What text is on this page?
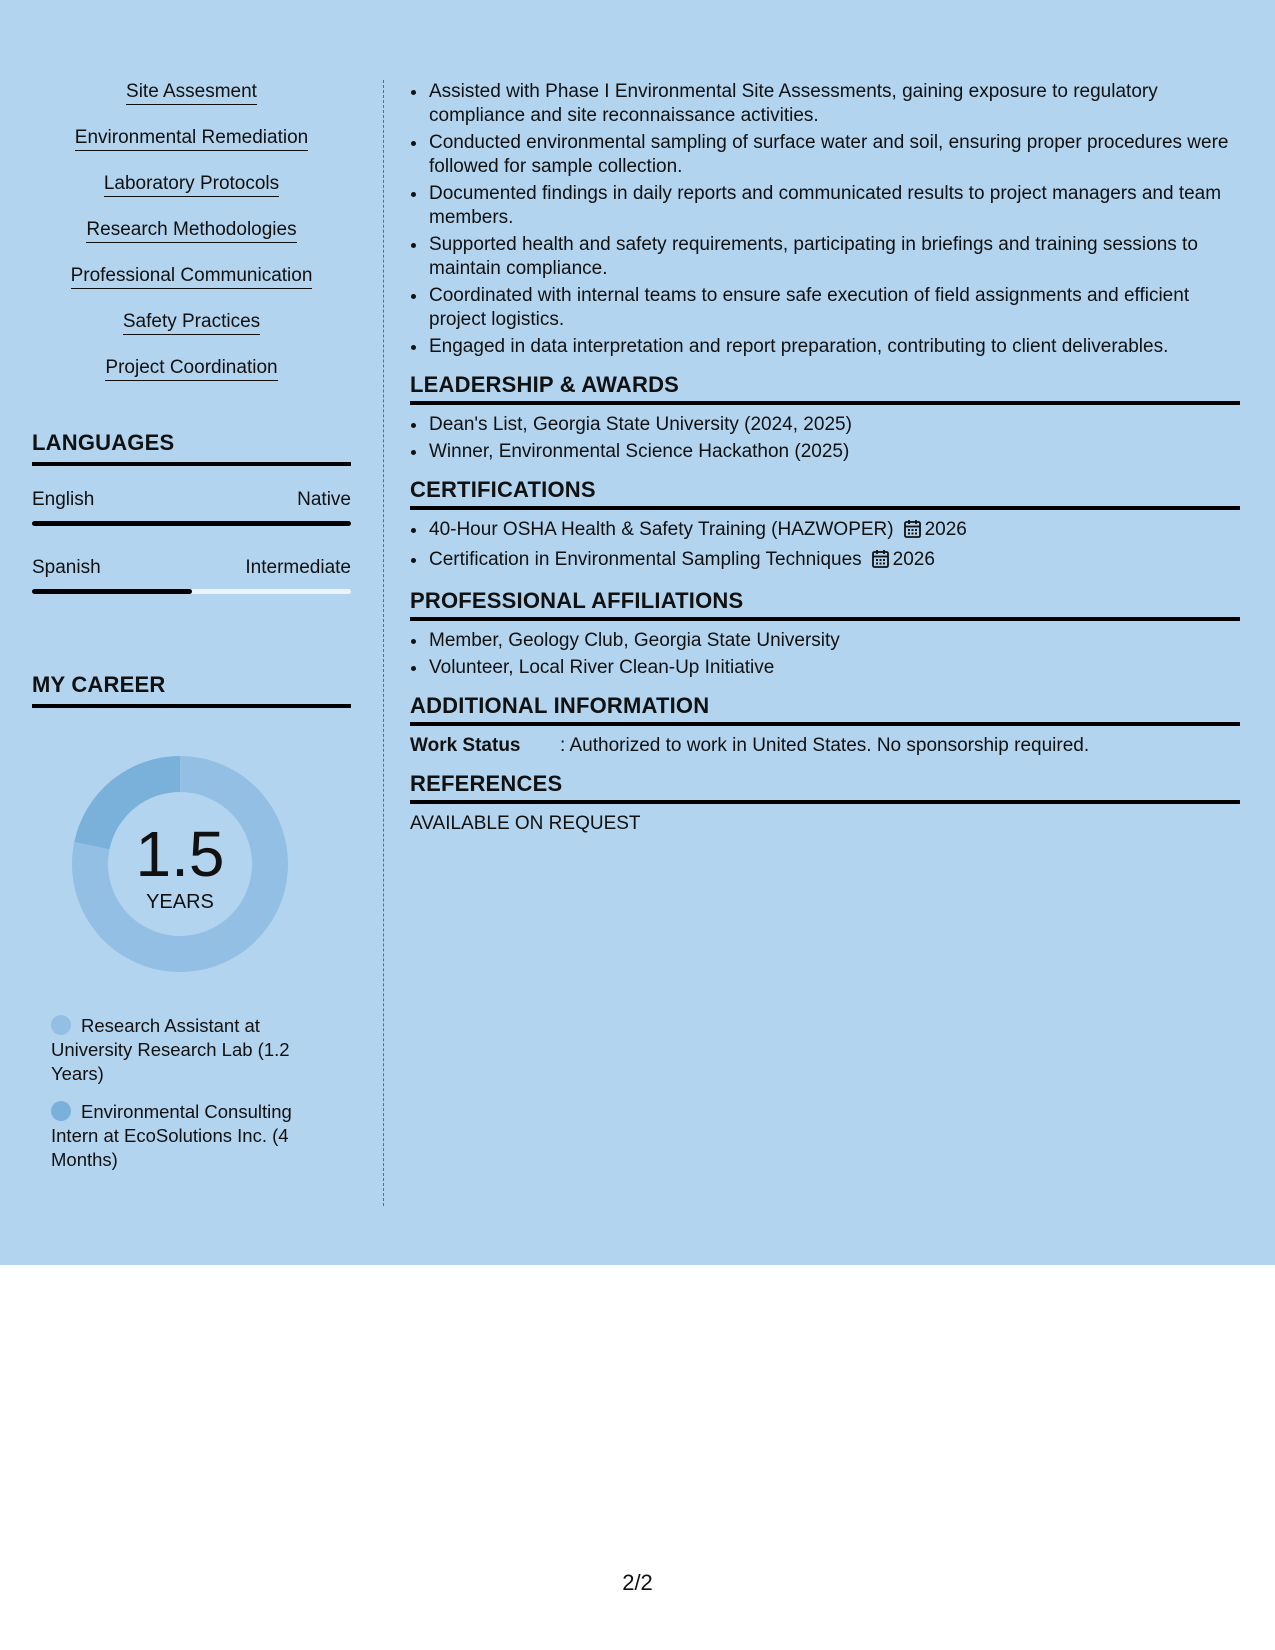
Site Assesment
Environmental Remediation
Laboratory Protocols
Research Methodologies
Professional Communication
Safety Practices
Project Coordination
LANGUAGES
English	Native
Spanish	Intermediate
MY CAREER
1.5
YEARS
Research Assistant at University Research Lab (1.2 Years)
Environmental Consulting Intern at EcoSolutions Inc. (4 Months)
• Assisted with Phase I Environmental Site Assessments, gaining exposure to regulatory compliance and site reconnaissance activities.
• Conducted environmental sampling of surface water and soil, ensuring proper procedures were followed for sample collection.
• Documented findings in daily reports and communicated results to project managers and team members.
• Supported health and safety requirements, participating in briefings and training sessions to maintain compliance.
• Coordinated with internal teams to ensure safe execution of field assignments and efficient project logistics.
• Engaged in data interpretation and report preparation, contributing to client deliverables.
LEADERSHIP & AWARDS
• Dean's List, Georgia State University (2024, 2025)
• Winner, Environmental Science Hackathon (2025)
CERTIFICATIONS
• 40-Hour OSHA Health & Safety Training (HAZWOPER) 2026
• Certification in Environmental Sampling Techniques 2026
PROFESSIONAL AFFILIATIONS
• Member, Geology Club, Georgia State University
• Volunteer, Local River Clean-Up Initiative
ADDITIONAL INFORMATION
Work Status	: Authorized to work in United States. No sponsorship required.
REFERENCES
AVAILABLE ON REQUEST
2/2
